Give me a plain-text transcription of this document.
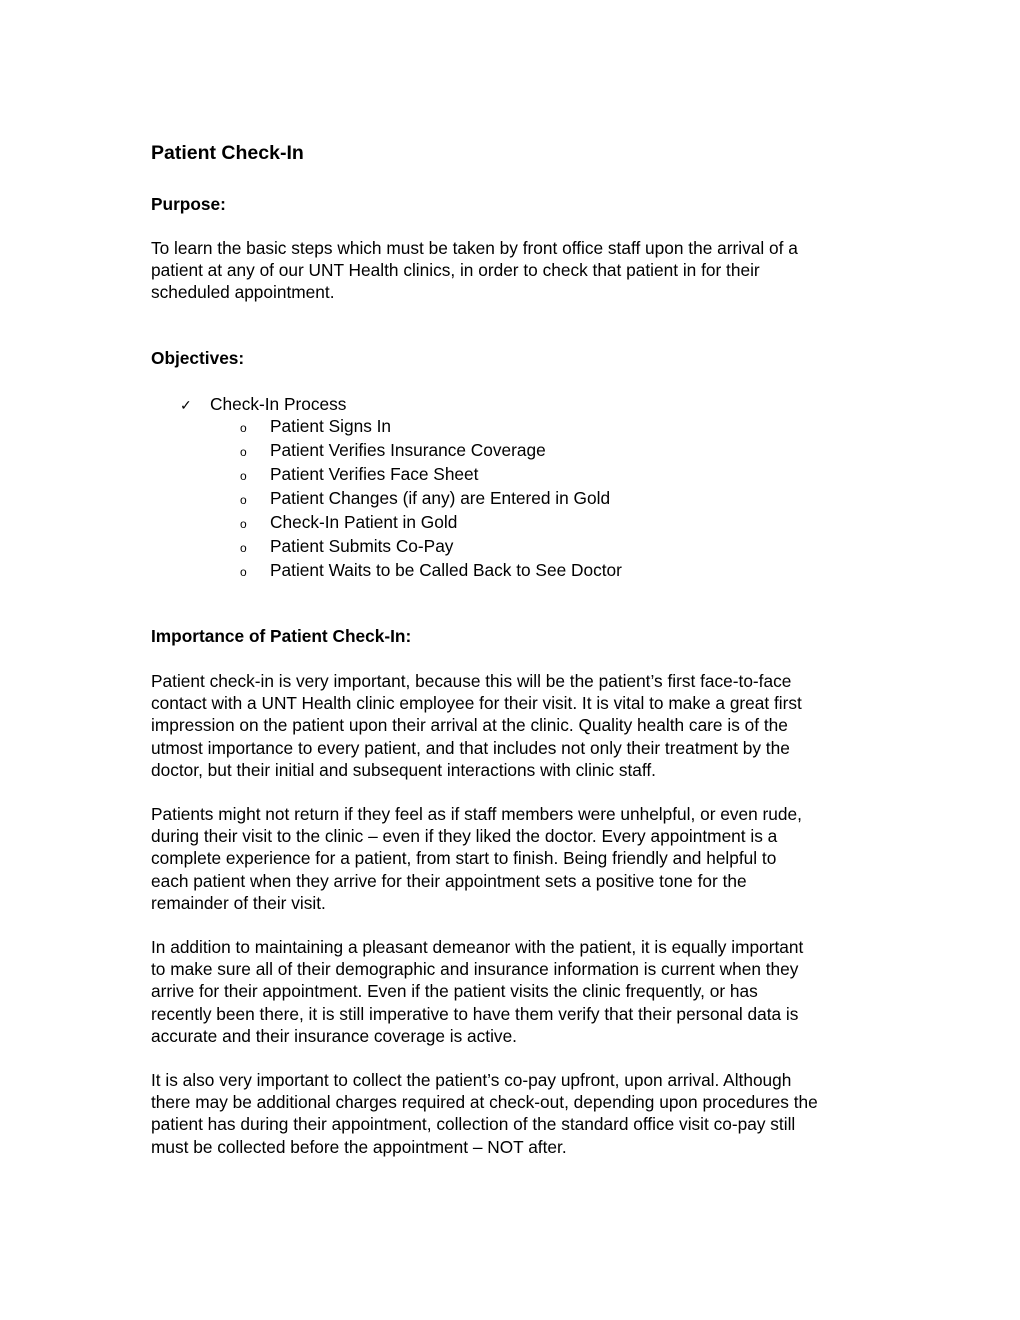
Patient Check-In
Purpose:
To learn the basic steps which must be taken by front office staff upon the arrival of a
patient at any of our UNT Health clinics, in order to check that patient in for their
scheduled appointment.
Objectives:
✓ Check-In Process
o Patient Signs In
o Patient Verifies Insurance Coverage
o Patient Verifies Face Sheet
o Patient Changes (if any) are Entered in Gold
o Check-In Patient in Gold
o Patient Submits Co-Pay
o Patient Waits to be Called Back to See Doctor
Importance of Patient Check-In:
Patient check-in is very important, because this will be the patient’s first face-to-face
contact with a UNT Health clinic employee for their visit. It is vital to make a great first
impression on the patient upon their arrival at the clinic. Quality health care is of the
utmost importance to every patient, and that includes not only their treatment by the
doctor, but their initial and subsequent interactions with clinic staff.
Patients might not return if they feel as if staff members were unhelpful, or even rude,
during their visit to the clinic – even if they liked the doctor. Every appointment is a
complete experience for a patient, from start to finish. Being friendly and helpful to
each patient when they arrive for their appointment sets a positive tone for the
remainder of their visit.
In addition to maintaining a pleasant demeanor with the patient, it is equally important
to make sure all of their demographic and insurance information is current when they
arrive for their appointment. Even if the patient visits the clinic frequently, or has
recently been there, it is still imperative to have them verify that their personal data is
accurate and their insurance coverage is active.
It is also very important to collect the patient’s co-pay upfront, upon arrival. Although
there may be additional charges required at check-out, depending upon procedures the
patient has during their appointment, collection of the standard office visit co-pay still
must be collected before the appointment – NOT after.
